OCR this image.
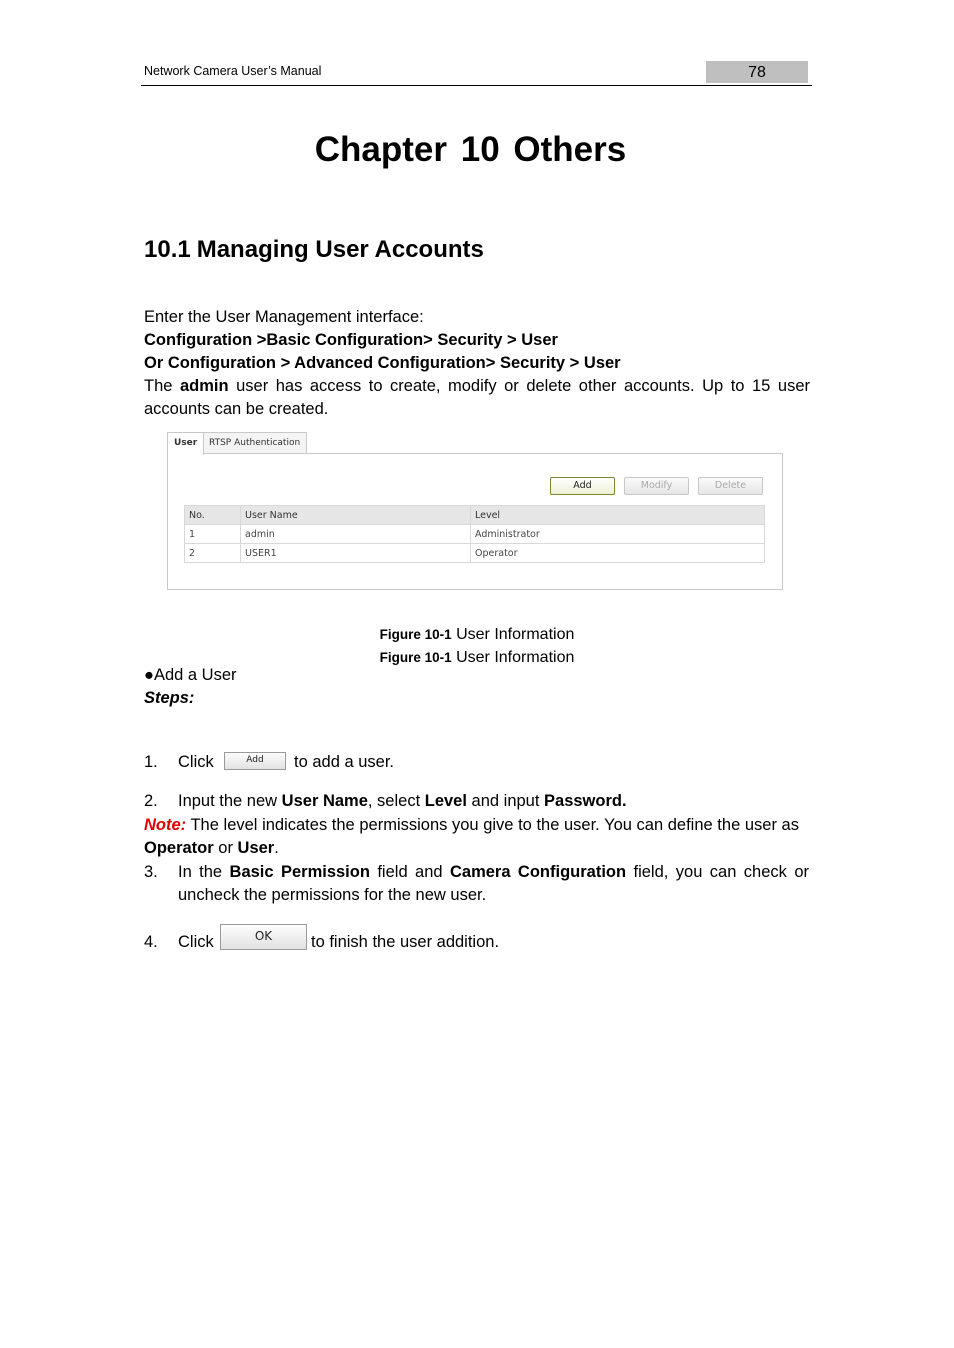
Network Camera User’s Manual	78
Chapter 10 Others
10.1 Managing User Accounts
Enter the User Management interface:
Configuration >Basic Configuration> Security > User
Or Configuration > Advanced Configuration> Security > User
The admin user has access to create, modify or delete other accounts. Up to 15 user accounts can be created.
User	RTSP Authentication
Add	Modify	Delete
No.	User Name	Level
1	admin	Administrator
2	USER1	Operator
Figure 10-1 User Information
Figure 10-1 User Information
●Add a User
Steps:
1. Click	Add	to add a user.
2. Input the new User Name, select Level and input Password.
Note: The level indicates the permissions you give to the user. You can define the user as Operator or User.
3. In the Basic Permission field and Camera Configuration field, you can check or uncheck the permissions for the new user.
4. Click	OK	to finish the user addition.
